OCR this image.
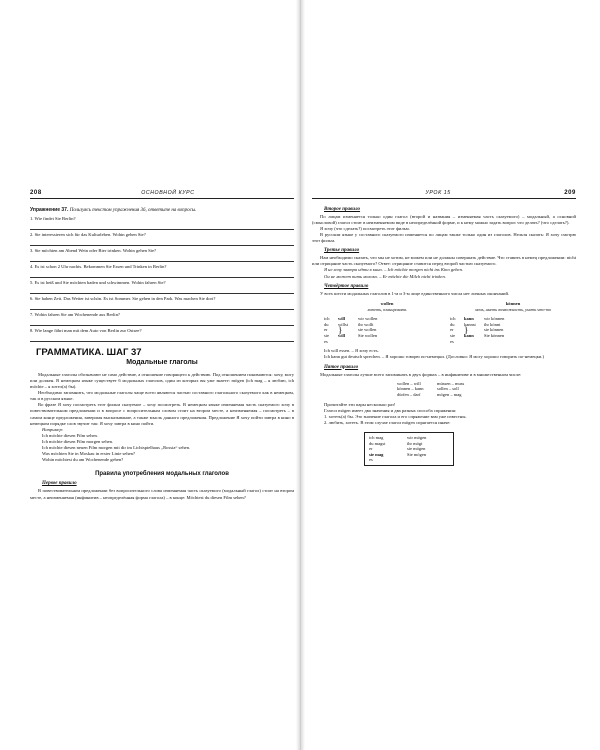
208	ОСНОВНОЙ КУРС
Упражнение 37. Пользуясь текстом упражнения 36, ответьте на вопросы.
1. Wie findet Sie Berlin?
2. Sie interessieren sich für das Kulturleben. Wohin gehen Sie?
3. Sie möchten am Abend Wein oder Bier trinken. Wohin gehen Sie?
4. Es ist schon 2 Uhr nachts. Bekommen Sie Essen und Trinken in Berlin?
5. Es ist heiß und Sie möchten baden und schwimmen. Wohin fahren Sie?
6. Sie haben Zeit. Das Wetter ist schön. Es ist Sommer. Sie gehen in den Park. Was machen Sie dort?
7. Wohin fahren Sie am Wochenende aus Berlin?
8. Wie lange fährt man mit dem Auto von Berlin zur Ostsee?
ГРАММАТИКА. ШАГ 37
Модальные глаголы

Модальные глаголы обозначают не само действие, а отношение говорящего к действию. Под отношением понимаются: хочу, могу или должен. В немецком языке существует 6 модальных глаголов, один из которых вы уже знаете: mögen (ich mag – я люблю, ich möchte – я хотел(а) бы).

Необходимо запомнить, что модальные глаголы чаще всего являются частью составного глагольного сказуемого как в немецком, так и в русском языке.

Во фразе Я хочу посмотреть этот фильм сказуемое – хочу посмотреть. В немецком языке изменяемая часть сказуемого хочу в повествовательном предложении и в вопросе с вопросительным словом стоит на втором месте, а неизменяемая – посмотреть – в самом конце предложения, завершая высказывание, а также мысль данного предложения. Предложение Я хочу пойти завтра в кино в немецком порядке слов звучит так: Я хочу завтра в кино пойти.

Например:
Ich möchte diesen Film sehen.
Ich möchte diesen Film morgen sehen.
Ich möchte diesen neuen Film morgen mit dir im Lichtspielhaus „Rossia“ sehen.
Was möchten Sie in Moskau in erster Linie sehen?
Wohin möchtest du am Wochenende gehen?
Правила употребления модальных глаголов
Первое правило

В повествовательном предложении без вопросительного слова изменяемая часть сказуемого (модальный глагол) стоит на втором месте, а неизменяемая (инфинитив – неопределённая форма глагола) – в конце: Möchtest du diesen Film sehen?

УРОК 15	209
Второе правило

По лицам изменяется только один глагол (второй и названия – изменяемая часть сказуемого) – модальный, а основной (смысловой) глагол стоит в неизменяемом виде в неопределённой форме, и к нему можно задать вопрос что делать? (что сделать?).

Я хочу (что сделать?) посмотреть этот фильм.

В русском языке у составного сказуемого изменяется по лицам также только один из глаголов. Нельзя сказать: Я хочу смотрю этот фильм.

Третье правило

Нам необходимо сказать, что мы не хотим, не можем или не должны совершать действие. Что ставить в немец предложении: nicht или отрицание часть сказуемого? Ответ: отрицание ставится перед второй частью сказуемого.

Я не хочу завтра идти в кино. – Ich möchte morgen nicht ins Kino gehen.
Он не может пить молоко. – Er möchte die Milch nicht trinken.
Четвёртое правило

У всех шести модальных глаголов в 1-м и 3-м лице единственного числа нет личных окончаний.

wollen	können
хотеть, планировать	мочь, иметь возможность, уметь что-то
ich	will	wir wollen	ich	kann	wir können
du	willst	ihr wollt	du	kannst	ihr könnt
er	}	sie wollen	er	}	sie können
sie	will	Sie wollen	sie	kann	Sie können
es	es
Ich will essen. – Я хочу есть.
Ich kann gut deutsch sprechen. – Я хорошо говорю по-немецки. (Дословно: Я могу хорошо говорить по-немецки.)
Пятое правило

Модальные глаголы лучше всего запоминать в двух формах – в инфинитиве и в множественном числе:

wollen – will	müssen – muss
können – kann	sollen – soll
dürfen – darf	mögen – mag
Прочитайте эти пары несколько раз!
Глагол mögen имеет два значения и два разных способа спряжения:
1. хотеть(а) бы. Это значение глагола и его спряжение вам уже известны.
2. любить, хотеть. В этом случае глагол mögen спрягается иначе:
ich mag	wir mögen
du magst	ihr mögt
er	sie mögen
sie mag	Sie mögen
es
